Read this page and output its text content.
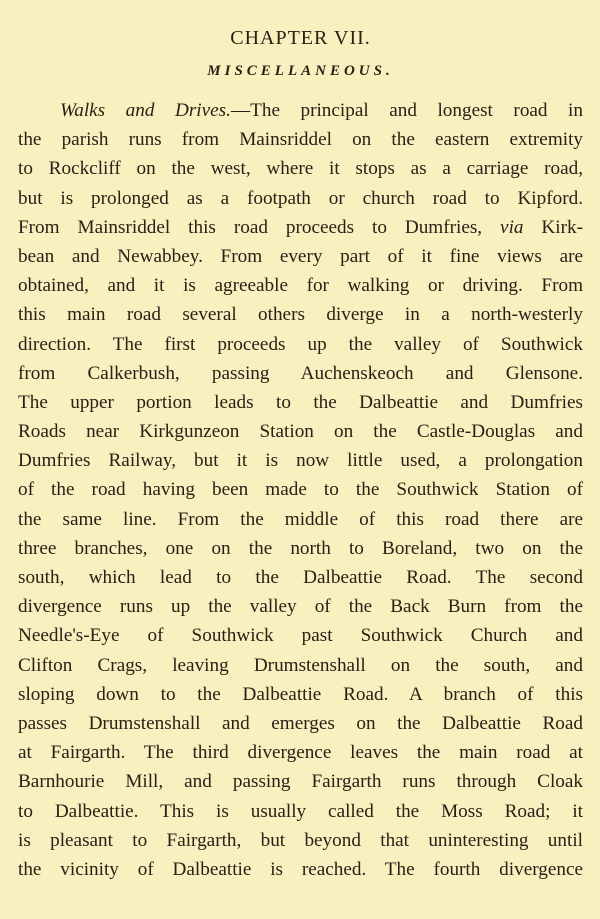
CHAPTER VII.
MISCELLANEOUS.
Walks and Drives.—The principal and longest road in
the parish runs from Mainsriddel on the eastern extremity
to Rockcliff on the west, where it stops as a carriage road,
but is prolonged as a footpath or church road to Kipford.
From Mainsriddel this road proceeds to Dumfries, via Kirk-
bean and Newabbey. From every part of it fine views are
obtained, and it is agreeable for walking or driving. From
this main road several others diverge in a north-westerly
direction. The first proceeds up the valley of Southwick
from Calkerbush, passing Auchenskeoch and Glensone.
The upper portion leads to the Dalbeattie and Dumfries
Roads near Kirkgunzeon Station on the Castle-Douglas and
Dumfries Railway, but it is now little used, a prolongation
of the road having been made to the Southwick Station of
the same line. From the middle of this road there are
three branches, one on the north to Boreland, two on the
south, which lead to the Dalbeattie Road. The second
divergence runs up the valley of the Back Burn from the
Needle's-Eye of Southwick past Southwick Church and
Clifton Crags, leaving Drumstenshall on the south, and
sloping down to the Dalbeattie Road. A branch of this
passes Drumstenshall and emerges on the Dalbeattie Road
at Fairgarth. The third divergence leaves the main road at
Barnhourie Mill, and passing Fairgarth runs through Cloak
to Dalbeattie. This is usually called the Moss Road; it
is pleasant to Fairgarth, but beyond that uninteresting until
the vicinity of Dalbeattie is reached. The fourth divergence
